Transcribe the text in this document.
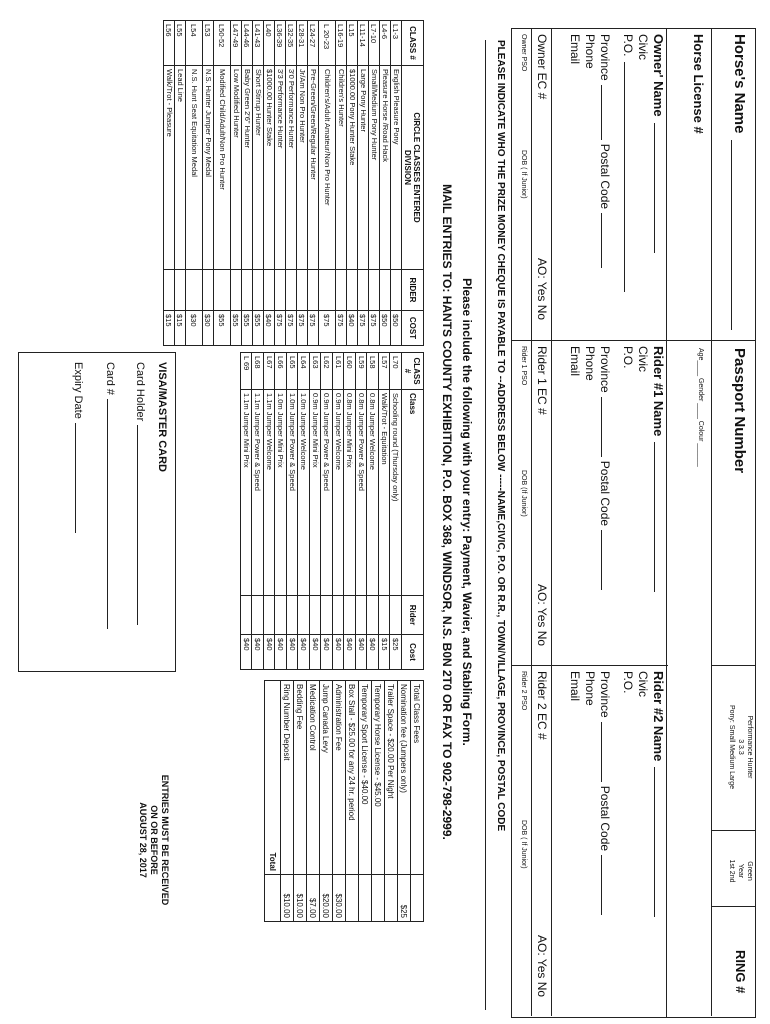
Horse's Name
Passport Number
Performance Hunter
3 3.3
Pony: Small Medium Large
Green
Year
1st 2nd
RING #
Horse License #
Age____ Gender ____ Colour ______
Owner' Name
Civic
P.O.
ProvincePostal Code
Phone
Email
Owner EC #
AO: Yes No
Owner PSO
DOB ( If Junior)
Rider #1 Name
Civic
P.O.
ProvincePostal Code
Phone
Email
Rider 1 EC #
AO: Yes No
Rider 1 PSO
DOB (If Junior)
Rider #2 Name
Civic
P.O.
ProvincePostal Code
Phone
Email
Rider 2 EC #
AO: Yes No
Rider 2 PSO
DOB ( If Junior)
PLEASE INDICATE WHO THE PRIZE MONEY CHEQUE IS PAYABLE TO --ADDRESS BELOW -----NAME,CIVIC, P.O. OR R.R., TOWN/VILLAGE, PROVINCE, POSTAL CODE
Please include the following with your entry: Payment, Wavier, and Stabling Form.
MAIL ENTRIES TO: HANTS COUNTY EXHIBITION, P.O. BOX 368, WINDSOR, N.S. B0N 2T0 OR FAX TO 902-798-2999.
CLASS #	CIRCLE CLASSES ENTERED
DIVISION	RIDER	COST
L1-3	English Pleasure Pony		$50
L4-6	Pleasure Horse /Road Hack		$50
L7-10	Small/Medium Pony Hunter		$75
L11-14	Large Pony Hunter		$75
L15	$1000.00 Pony Hunter Stake		$40
L16-19	Children's Hunter		$75
L 20-23	Children's/Adult Amateur/Non Pro Hunter		$75
L24-27	Pre-Green/Green/Regular Hunter		$75
L28-31	Jr/Am Non Pro Hunter		$75
L32-35	3'0 Performance Hunter		$75
L36-39	3'3 Performance Hunter		$75
L40	$1000.00 Hunter Stake		$40
L41-43	Short Stirrup Hunter		$55
L44-46	Baby Green 2'6" Hunter		$55
L47-49	Low Modified Hunter		$55
L50-52	Modified Child/Adult/Non Pro Hunter		$55
L53	N.S. Hunter Jumper Pony Medal		$30
L54	N.S. Hunt Seat Equitation Medal		$30
L55	Lead Line		$15
L56	Walk/Trot - Pleasure		$15
CLASS #	Class	Rider	Cost
L70	Schooling round (Thursday only)		$25
L57	Walk/Trot - Equitation		$15
L58	0.8m Jumper Welcome		$40
L59	0.8m Jumper Power & Speed		$40
L60	0.8m Jumper Mini Prix		$40
L61	0.9m Jumper Welcome		$40
L62	0.9m Jumper Power & Speed		$40
L63	0.9m Jumper Mini Prix		$40
L64	1.0m Jumper Welcome		$40
L65	1.0m Jumper Power & Speed		$40
L66	1.0m Jumper Mini Prix		$40
L67	1.1m Jumper Welcome		$40
L68	1.1m Jumper Power & Speed		$40
L 69	1.1m Jumper Mini Prix		$40
VISA/MASTER CARD
Card Holder
Card #
Expiry Date
Total Class Fees	
Nomination fee (Jumpers only)	$25
Trailer Space - $20.00 Per Night	
Temporary Horse License - $45.00	
Temporary Sport License - $40.00	
Box Stall - $25.00 for any 24 hr. period	
Administration Fee	$30.00
Jump Canada Levy	$20.00
Medication Control	$7.00
Bedding Fee	$10.00
Ring Number Deposit	$10.00
Total	
ENTRIES MUST BE RECEIVED
ON OR BEFORE
AUGUST 28, 2017
